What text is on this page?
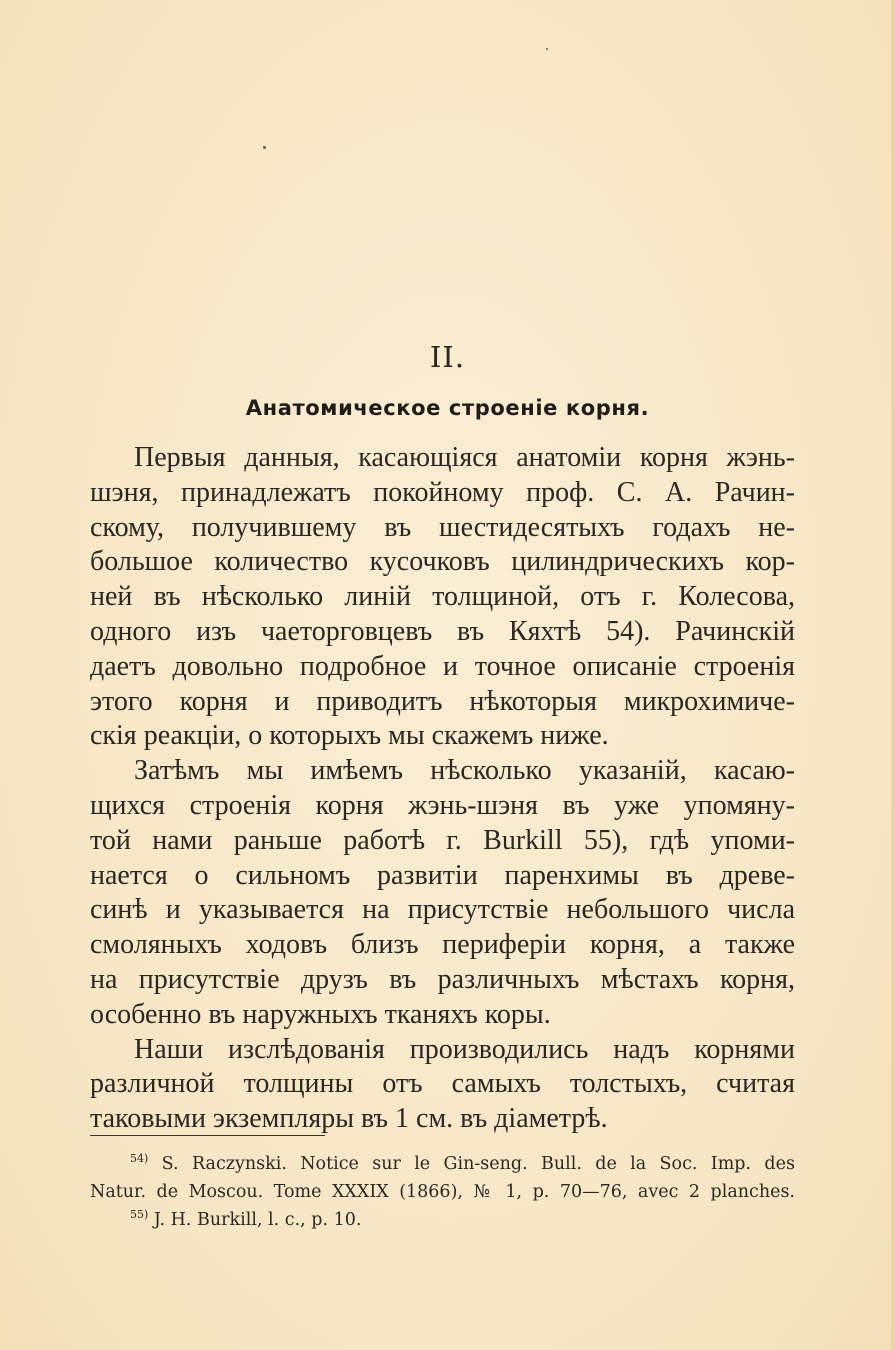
II.
Анатомическое строеніе корня.
Первыя данныя, касающіяся анатоміи корня жэнь-
шэня, принадлежатъ покойному проф. С. А. Рачин-
скому, получившему въ шестидесятыхъ годахъ не-
большое количество кусочковъ цилиндрическихъ кор-
ней въ нѣсколько линій толщиной, отъ г. Колесова,
одного изъ чаеторговцевъ въ Кяхтѣ 54). Рачинскій
даетъ довольно подробное и точное описаніе строенія
этого корня и приводитъ нѣкоторыя микрохимиче-
скія реакціи, о которыхъ мы скажемъ ниже.
Затѣмъ мы имѣемъ нѣсколько указаній, касаю-
щихся строенія корня жэнь-шэня въ уже упомяну-
той нами раньше работѣ г. Burkill 55), гдѣ упоми-
нается о сильномъ развитіи паренхимы въ древе-
синѣ и указывается на присутствіе небольшого числа
смоляныхъ ходовъ близъ периферіи корня, а также
на присутствіе друзъ въ различныхъ мѣстахъ корня,
особенно въ наружныхъ тканяхъ коры.
Наши изслѣдованія производились надъ корнями
различной толщины отъ самыхъ толстыхъ, считая
таковыми экземпляры въ 1 см. въ діаметрѣ.
$^{54)}$ S. Raczynski. Notice sur le Gin-seng. Bull. de la Soc. Imp. des
Natur. de Moscou. Tome XXXIX (1866), № 1, p. 70—76, avec 2 planches.
$^{55)}$ J. H. Burkill, l. c., p. 10.
